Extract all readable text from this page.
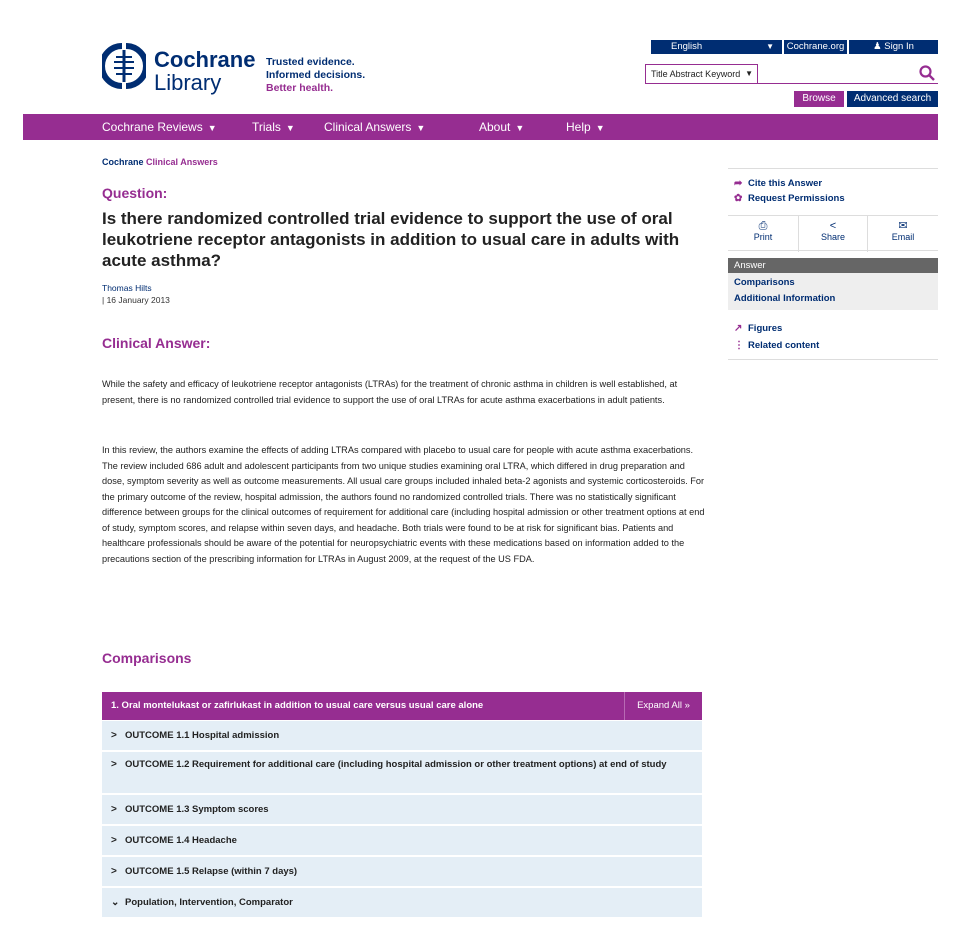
Cochrane
Library
Trusted evidence.
Informed decisions.
Better health.
English	▼ Cochrane.org ⧉
♟ Sign In
Title Abstract Keyword ▼
Browse	Advanced search
Cochrane Reviews ▼	Trials ▼ Clinical Answers ▼	About ▼	Help ▼
Cochrane Clinical Answers
Question:
Is there randomized controlled trial evidence to support the use of oral leukotriene receptor antagonists in addition to usual care in adults with acute asthma?
Thomas Hilts
| 16 January 2013
Clinical Answer:
While the safety and efficacy of leukotriene receptor antagonists (LTRAs) for the treatment of chronic asthma in children is well established, at present, there is no randomized controlled trial evidence to support the use of oral LTRAs for acute asthma exacerbations in adult patients.
In this review, the authors examine the effects of adding LTRAs compared with placebo to usual care for people with acute asthma exacerbations. The review included 686 adult and adolescent participants from two unique studies examining oral LTRA, which differed in drug preparation and dose, symptom severity as well as outcome measurements. All usual care groups included inhaled beta-2 agonists and systemic corticosteroids. For the primary outcome of the review, hospital admission, the authors found no randomized controlled trials. There was no statistically significant difference between groups for the clinical outcomes of requirement for additional care (including hospital admission or other treatment options at end of study, symptom scores, and relapse within seven days, and headache. Both trials were found to be at risk for significant bias. Patients and healthcare professionals should be aware of the potential for neuropsychiatric events with these medications based on information added to the precautions section of the prescribing information for LTRAs in August 2009, at the request of the US FDA.
Comparisons
1. Oral montelukast or zafirlukast in addition to usual care versus usual care alone	Expand All »
> OUTCOME 1.1 Hospital admission
> OUTCOME 1.2 Requirement for additional care (including hospital admission or other treatment options) at end of study
> OUTCOME 1.3 Symptom scores
> OUTCOME 1.4 Headache
> OUTCOME 1.5 Relapse (within 7 days)
⌄ Population, Intervention, Comparator
➦ Cite this Answer
✿ Request Permissions
⎙
Print
<
Share
✉
Email
Answer
Comparisons
Additional Information
↗ Figures
⋮ Related content
